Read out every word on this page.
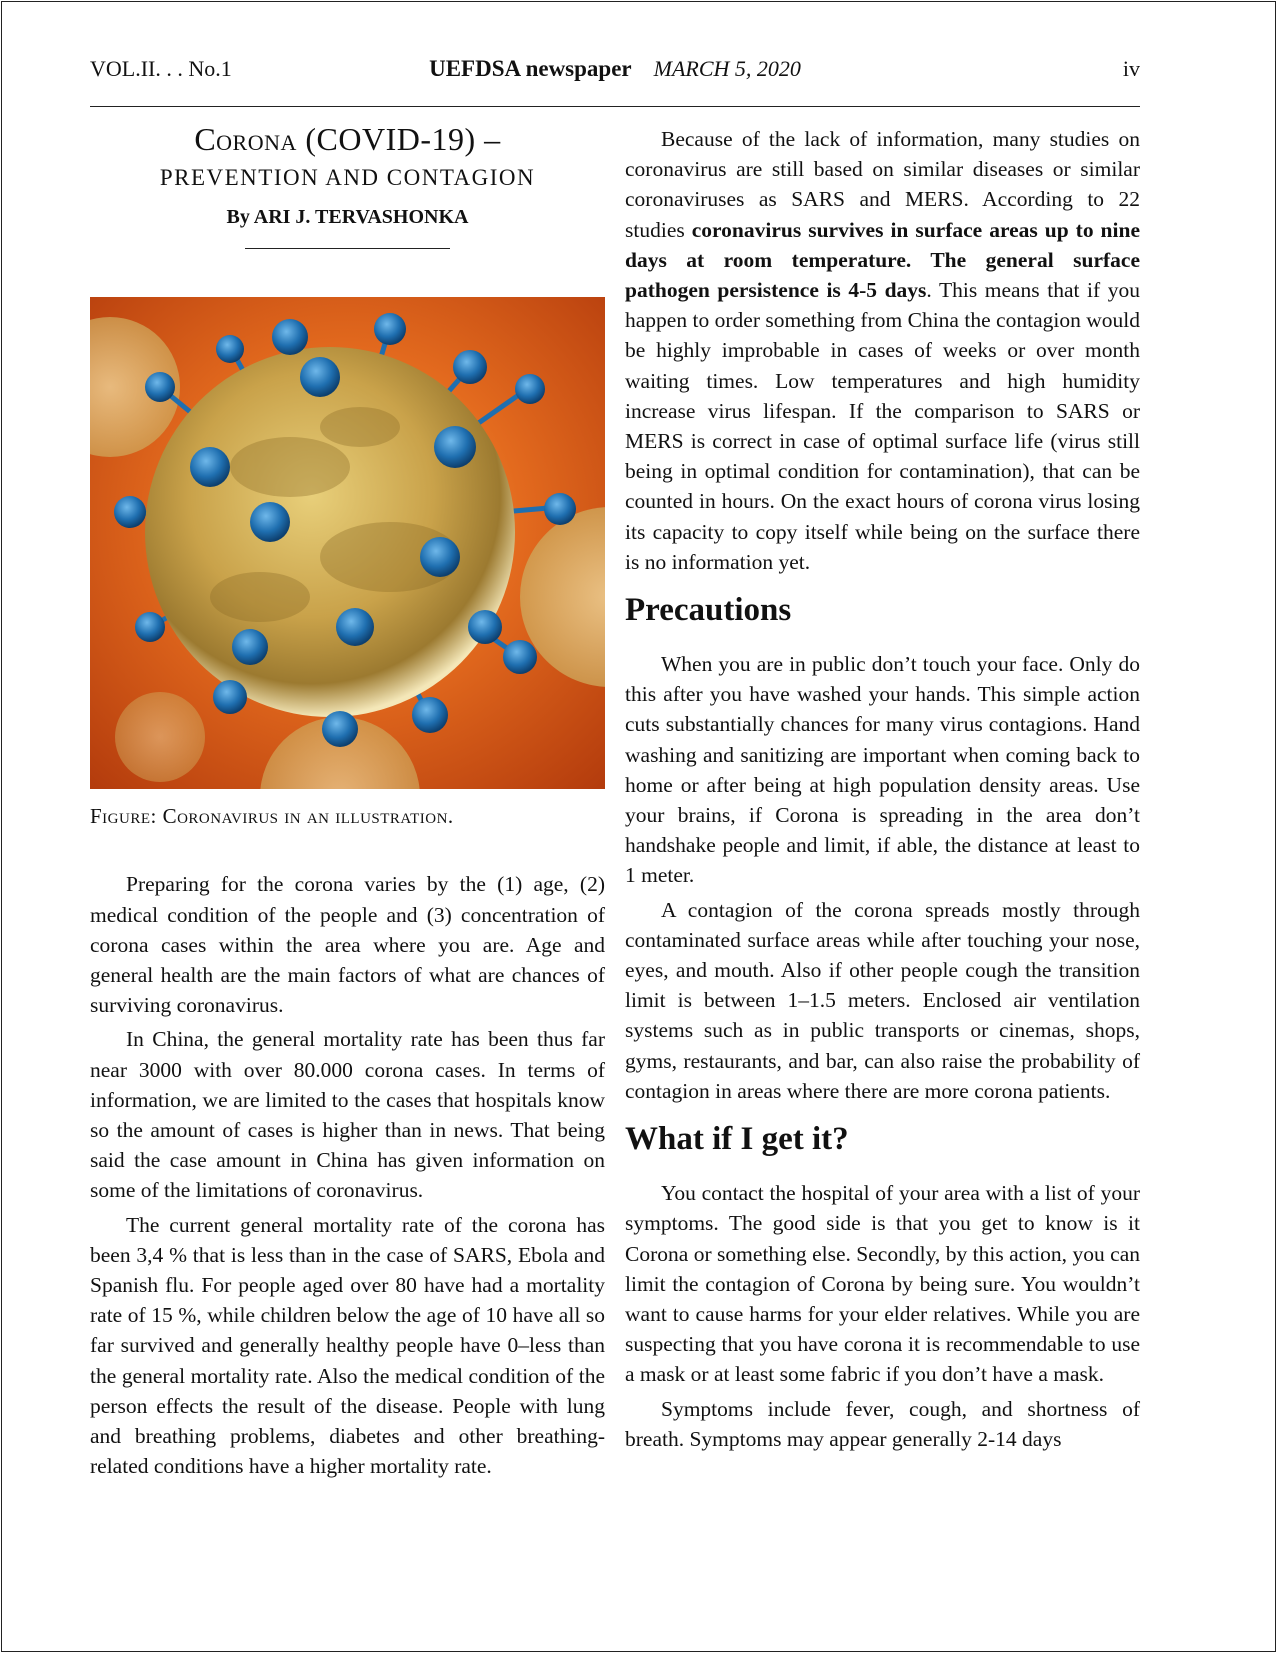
VOL.II. . . No.1	UEFDSA newspaper MARCH 5, 2020	iv
Corona (COVID-19) –
PREVENTION AND CONTAGION
By ARI J. TERVASHONKA
Figure: Coronavirus in an illustration.

Preparing for the corona varies by the (1) age, (2) medical condition of the people and (3) concentration of corona cases within the area where you are. Age and general health are the main factors of what are chances of surviving coronavirus.

In China, the general mortality rate has been thus far near 3000 with over 80.000 corona cases. In terms of information, we are limited to the cases that hospitals know so the amount of cases is higher than in news. That being said the case amount in China has given information on some of the limitations of coronavirus.

The current general mortality rate of the corona has been 3,4 % that is less than in the case of SARS, Ebola and Spanish flu. For people aged over 80 have had a mortality rate of 15 %, while children below the age of 10 have all so far survived and generally healthy people have 0–less than the general mortality rate. Also the medical condition of the person effects the result of the disease. People with lung and breathing problems, diabetes and other breathing-related conditions have a higher mortality rate.

Because of the lack of information, many studies on coronavirus are still based on similar diseases or similar coronaviruses as SARS and MERS. According to 22 studies coronavirus survives in surface areas up to nine days at room temperature. The general surface pathogen persistence is 4-5 days. This means that if you happen to order something from China the contagion would be highly improbable in cases of weeks or over month waiting times. Low temperatures and high humidity increase virus lifespan. If the comparison to SARS or MERS is correct in case of optimal surface life (virus still being in optimal condition for contamination), that can be counted in hours. On the exact hours of corona virus losing its capacity to copy itself while being on the surface there is no information yet.

Precautions

When you are in public don’t touch your face. Only do this after you have washed your hands. This simple action cuts substantially chances for many virus contagions. Hand washing and sanitizing are important when coming back to home or after being at high population density areas. Use your brains, if Corona is spreading in the area don’t handshake people and limit, if able, the distance at least to 1 meter.

A contagion of the corona spreads mostly through contaminated surface areas while after touching your nose, eyes, and mouth. Also if other people cough the transition limit is between 1–1.5 meters. Enclosed air ventilation systems such as in public transports or cinemas, shops, gyms, restaurants, and bar, can also raise the probability of contagion in areas where there are more corona patients.

What if I get it?

You contact the hospital of your area with a list of your symptoms. The good side is that you get to know is it Corona or something else. Secondly, by this action, you can limit the contagion of Corona by being sure. You wouldn’t want to cause harms for your elder relatives. While you are suspecting that you have corona it is recommendable to use a mask or at least some fabric if you don’t have a mask.

Symptoms include fever, cough, and shortness of breath. Symptoms may appear generally 2-14 days
